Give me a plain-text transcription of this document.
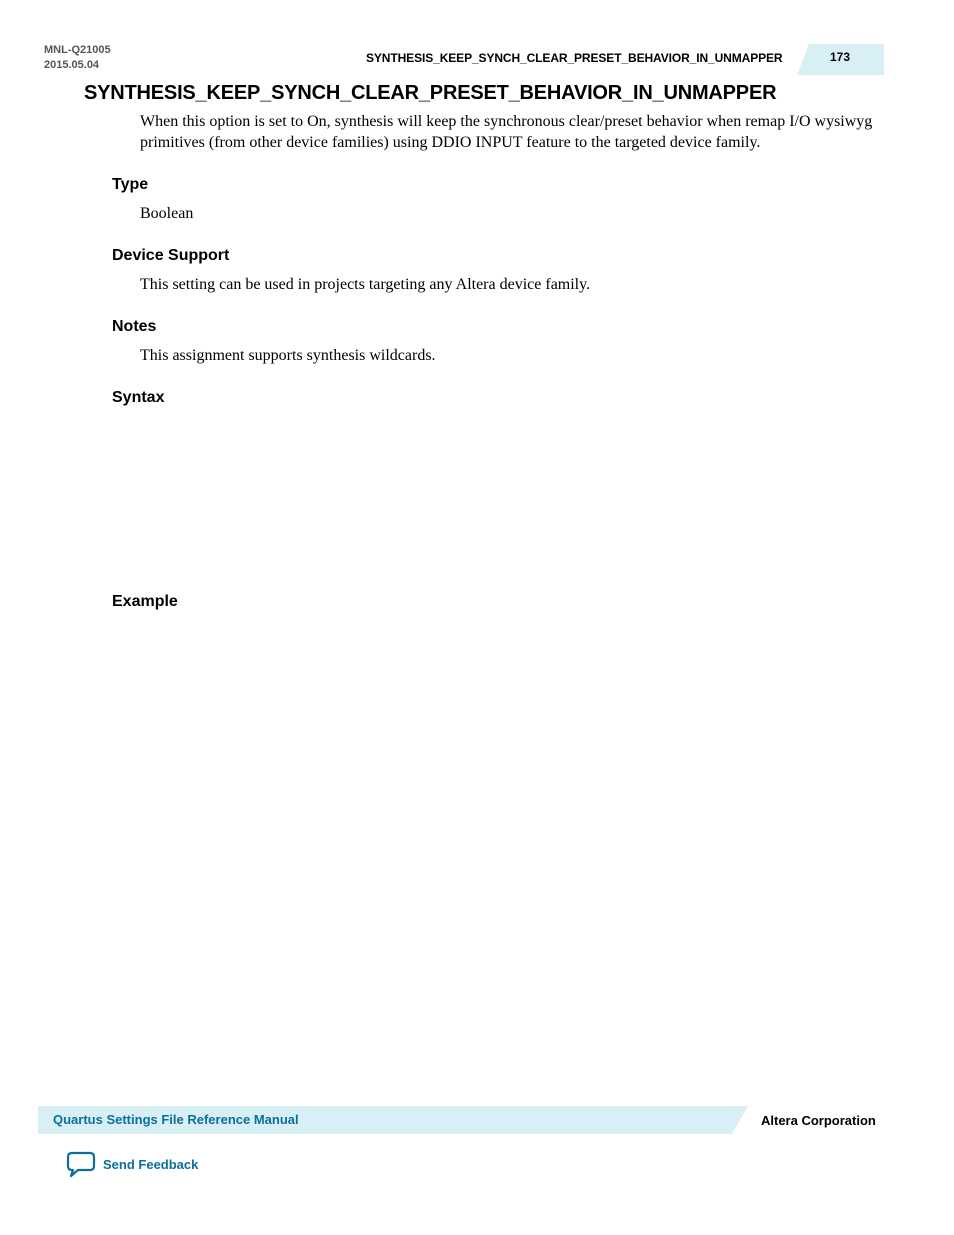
MNL-Q21005
2015.05.04	SYNTHESIS_KEEP_SYNCH_CLEAR_PRESET_BEHAVIOR_IN_UNMAPPER	173
SYNTHESIS_KEEP_SYNCH_CLEAR_PRESET_BEHAVIOR_IN_UNMAPPER
When this option is set to On, synthesis will keep the synchronous clear/preset behavior when remap I/O wysiwyg primitives (from other device families) using DDIO INPUT feature to the targeted device family.
Type
Boolean
Device Support
This setting can be used in projects targeting any Altera device family.
Notes
This assignment supports synthesis wildcards.
Syntax
Example
Quartus Settings File Reference Manual	Altera Corporation
Send Feedback
